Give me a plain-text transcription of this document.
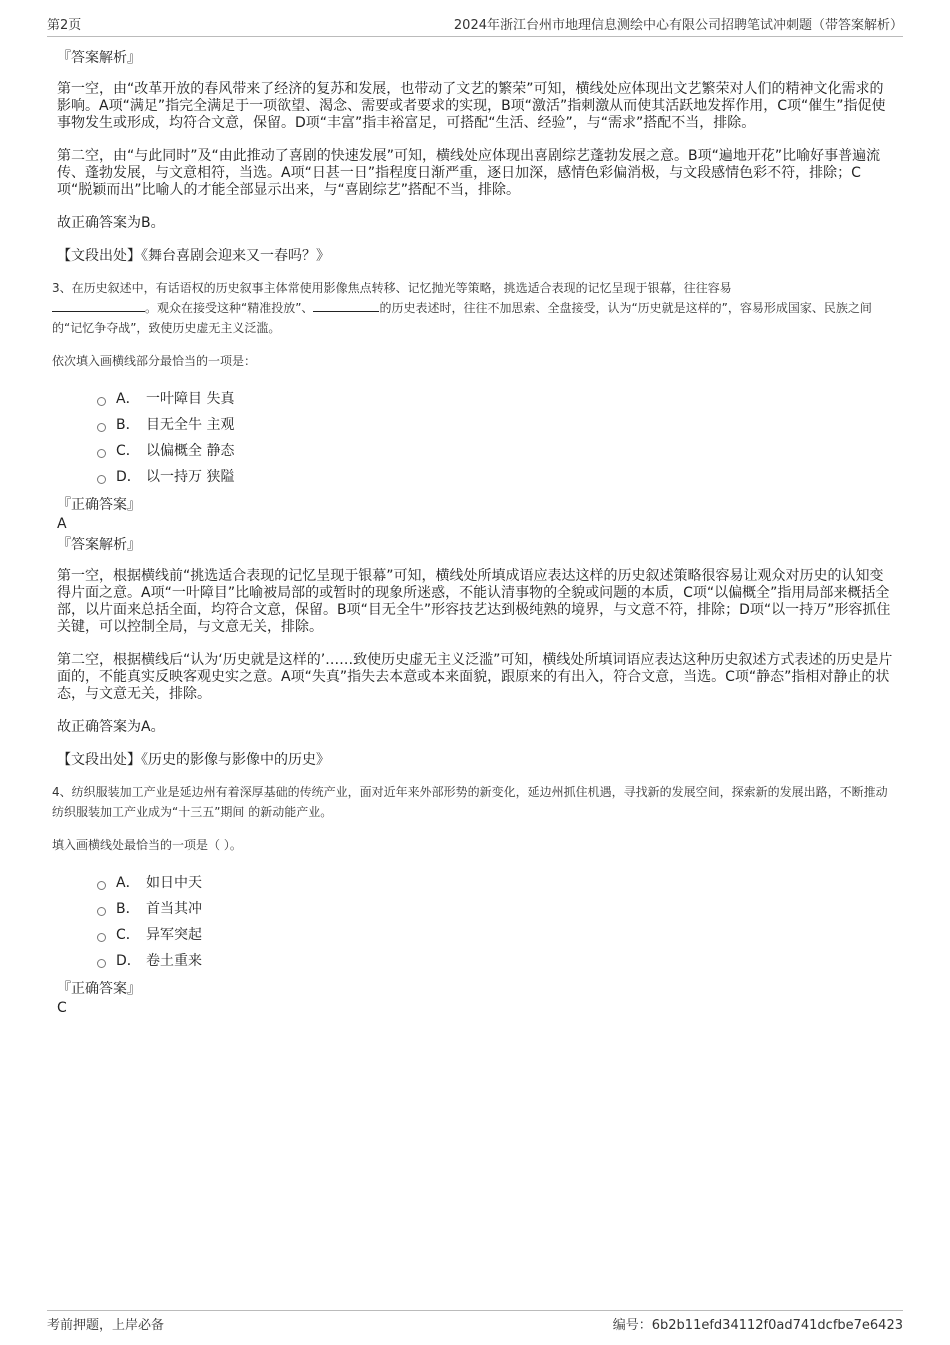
第2页	2024年浙江台州市地理信息测绘中心有限公司招聘笔试冲刺题（带答案解析）

『答案解析』

第一空，由“改革开放的春风带来了经济的复苏和发展，也带动了文艺的繁荣”可知，横线处应体现出文艺繁荣对人们的精神文化需求的影响。A项“满足”指完全满足于一项欲望、渴念、需要或者要求的实现，B项“激活”指刺激从而使其活跃地发挥作用，C项“催生”指促使事物发生或形成，均符合文意，保留。D项“丰富”指丰裕富足，可搭配“生活、经验”，与“需求”搭配不当，排除。

第二空，由“与此同时”及“由此推动了喜剧的快速发展”可知，横线处应体现出喜剧综艺蓬勃发展之意。B项“遍地开花”比喻好事普遍流传、蓬勃发展，与文意相符，当选。A项“日甚一日”指程度日渐严重，逐日加深，感情色彩偏消极，与文段感情色彩不符，排除；C项“脱颖而出”比喻人的才能全部显示出来，与“喜剧综艺”搭配不当，排除。

故正确答案为B。

【文段出处】《舞台喜剧会迎来又一春吗？》

3、在历史叙述中，有话语权的历史叙事主体常使用影像焦点转移、记忆抛光等策略，挑选适合表现的记忆呈现于银幕，往往容易
。观众在接受这种“精准投放”、	的历史表述时，往往不加思索、全盘接受，认为“历史就是这样的”，容易形成国家、民族之间的“记忆争夺战”，致使历史虚无主义泛滥。

依次填入画横线部分最恰当的一项是：

A． 一叶障目 失真
B． 目无全牛 主观
C． 以偏概全 静态
D． 以一持万 狭隘

『正确答案』

A

『答案解析』

第一空，根据横线前“挑选适合表现的记忆呈现于银幕”可知，横线处所填成语应表达这样的历史叙述策略很容易让观众对历史的认知变得片面之意。A项“一叶障目”比喻被局部的或暂时的现象所迷惑，不能认清事物的全貌或问题的本质，C项“以偏概全”指用局部来概括全部，以片面来总括全面，均符合文意，保留。B项“目无全牛”形容技艺达到极纯熟的境界，与文意不符，排除；D项“以一持万”形容抓住关键，可以控制全局，与文意无关，排除。

第二空，根据横线后“认为‘历史就是这样的’……致使历史虚无主义泛滥”可知，横线处所填词语应表达这种历史叙述方式表述的历史是片面的，不能真实反映客观史实之意。A项“失真”指失去本意或本来面貌，跟原来的有出入，符合文意，当选。C项“静态”指相对静止的状态，与文意无关，排除。

故正确答案为A。

【文段出处】《历史的影像与影像中的历史》

4、纺织服装加工产业是延边州有着深厚基础的传统产业，面对近年来外部形势的新变化，延边州抓住机遇，寻找新的发展空间，探索新的发展出路，不断推动纺织服装加工产业成为“十三五”期间 的新动能产业。

填入画横线处最恰当的一项是（ ）。

A． 如日中天
B． 首当其冲
C． 异军突起
D． 卷土重来

『正确答案』

C

考前押题，上岸必备	编号：6b2b11efd34112f0ad741dcfbe7e6423
